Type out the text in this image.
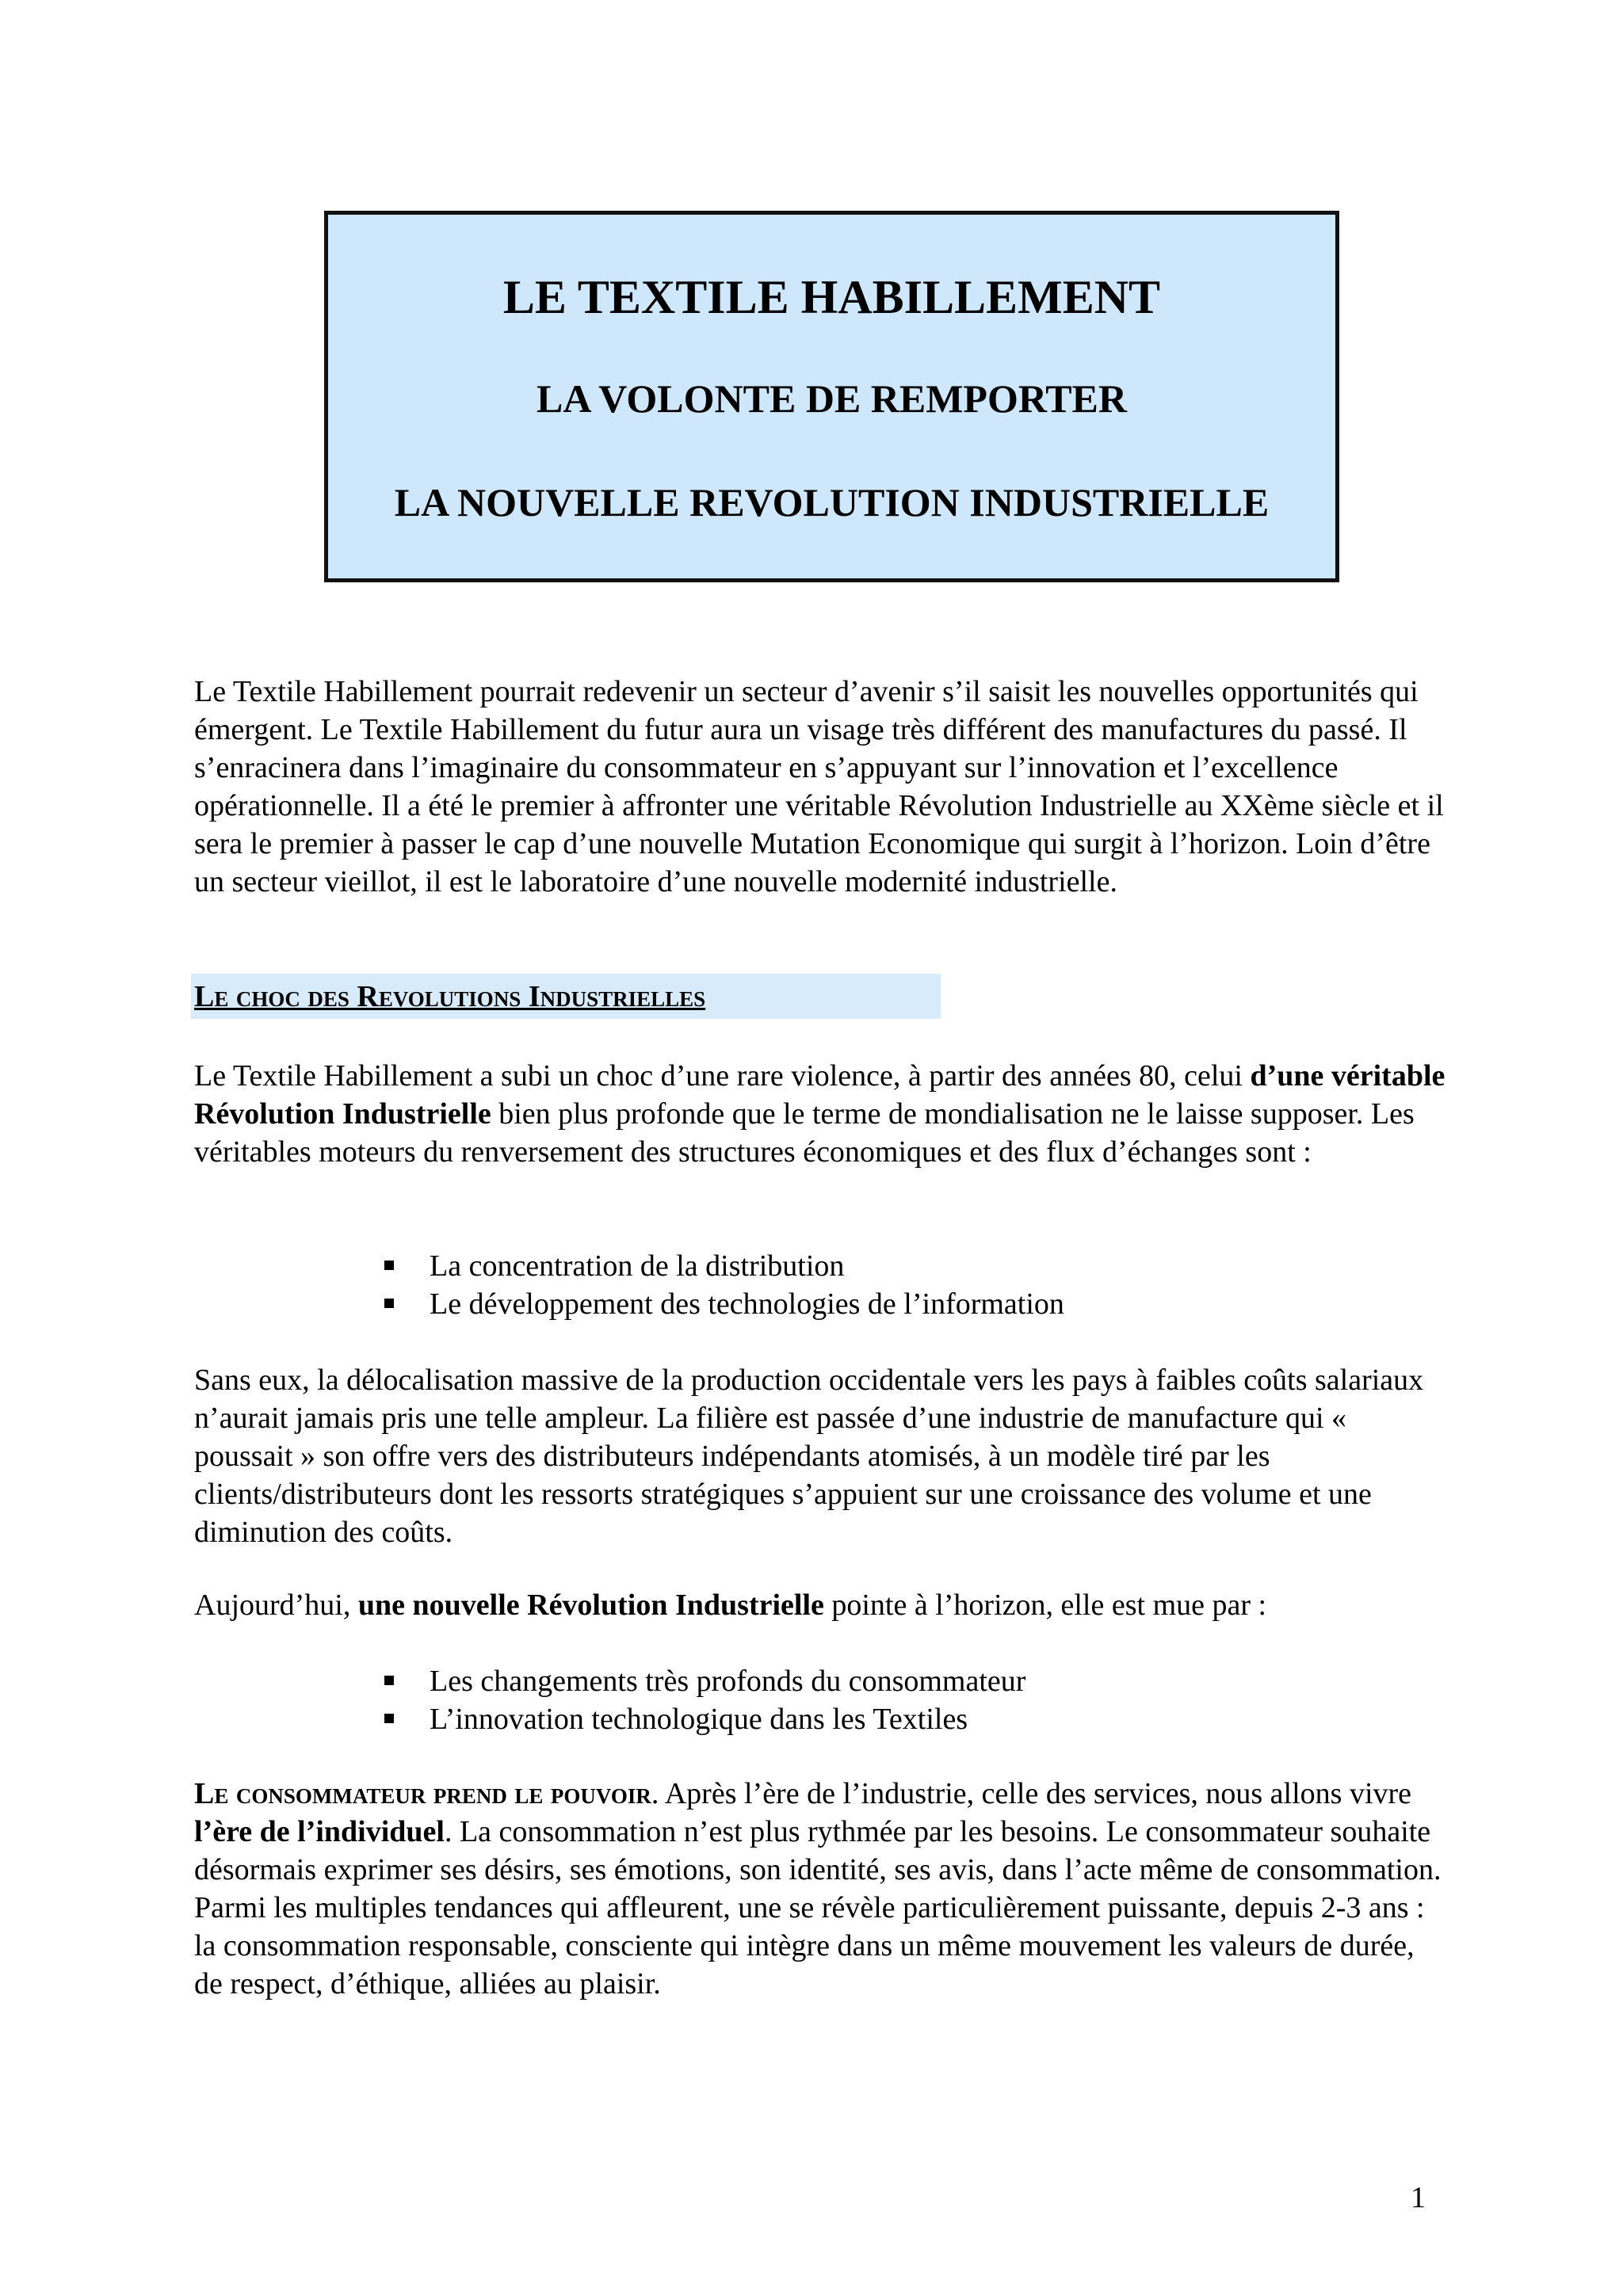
LE TEXTILE HABILLEMENT
LA VOLONTE DE REMPORTER
LA NOUVELLE REVOLUTION INDUSTRIELLE

Le Textile Habillement pourrait redevenir un secteur d’avenir s’il saisit les nouvelles opportunités qui émergent. Le Textile Habillement du futur aura un visage très différent des manufactures du passé. Il s’enracinera dans l’imaginaire du consommateur en s’appuyant sur l’innovation et l’excellence opérationnelle. Il a été le premier à affronter une véritable Révolution Industrielle au XXème siècle et il sera le premier à passer le cap d’une nouvelle Mutation Economique qui surgit à l’horizon. Loin d’être un secteur vieillot, il est le laboratoire d’une nouvelle modernité industrielle.

Le choc des Revolutions Industrielles

Le Textile Habillement a subi un choc d’une rare violence, à partir des années 80, celui d’une véritable Révolution Industrielle bien plus profonde que le terme de mondialisation ne le laisse supposer. Les véritables moteurs du renversement des structures économiques et des flux d’échanges sont :

La concentration de la distribution
Le développement des technologies de l’information

Sans eux, la délocalisation massive de la production occidentale vers les pays à faibles coûts salariaux n’aurait jamais pris une telle ampleur. La filière est passée d’une industrie de manufacture qui « poussait » son offre vers des distributeurs indépendants atomisés, à un modèle tiré par les clients/distributeurs dont les ressorts stratégiques s’appuient sur une croissance des volume et une diminution des coûts.

Aujourd’hui, une nouvelle Révolution Industrielle pointe à l’horizon, elle est mue par :

Les changements très profonds du consommateur
L’innovation technologique dans les Textiles

Le consommateur prend le pouvoir. Après l’ère de l’industrie, celle des services, nous allons vivre l’ère de l’individuel. La consommation n’est plus rythmée par les besoins. Le consommateur souhaite désormais exprimer ses désirs, ses émotions, son identité, ses avis, dans l’acte même de consommation. Parmi les multiples tendances qui affleurent, une se révèle particulièrement puissante, depuis 2-3 ans : la consommation responsable, consciente qui intègre dans un même mouvement les valeurs de durée, de respect, d’éthique, alliées au plaisir.

1
